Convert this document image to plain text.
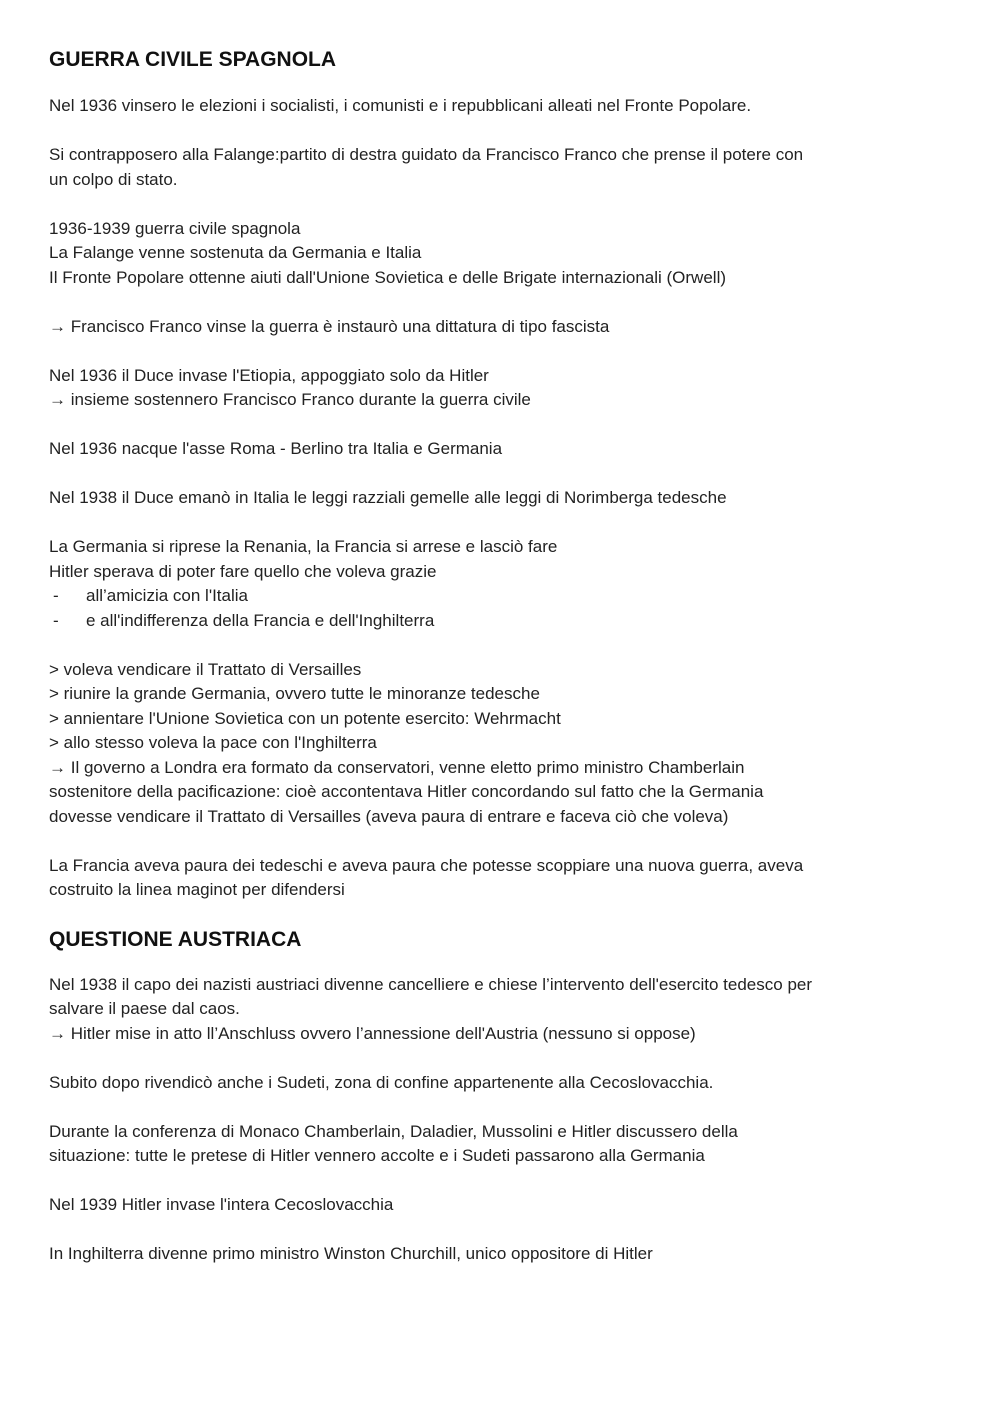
GUERRA CIVILE SPAGNOLA

Nel 1936 vinsero le elezioni i socialisti, i comunisti e i repubblicani alleati nel Fronte Popolare.

Si contrapposero alla Falange:partito di destra guidato da Francisco Franco che prense il potere con
un colpo di stato.
1936-1939 guerra civile spagnola
La Falange venne sostenuta da Germania e Italia
Il Fronte Popolare ottenne aiuti dall'Unione Sovietica e delle Brigate internazionali (Orwell)
→ Francisco Franco vinse la guerra è instaurò una dittatura di tipo fascista
Nel 1936 il Duce invase l'Etiopia, appoggiato solo da Hitler
→ insieme sostennero Francisco Franco durante la guerra civile
Nel 1936 nacque l'asse Roma - Berlino tra Italia e Germania
Nel 1938 il Duce emanò in Italia le leggi razziali gemelle alle leggi di Norimberga tedesche
La Germania si riprese la Renania, la Francia si arrese e lasciò fare
Hitler sperava di poter fare quello che voleva grazie
-	all’amicizia con l'Italia
-	e all'indifferenza della Francia e dell'Inghilterra
> voleva vendicare il Trattato di Versailles
> riunire la grande Germania, ovvero tutte le minoranze tedesche
> annientare l'Unione Sovietica con un potente esercito: Wehrmacht
> allo stesso voleva la pace con l'Inghilterra
→ Il governo a Londra era formato da conservatori, venne eletto primo ministro Chamberlain
sostenitore della pacificazione: cioè accontentava Hitler concordando sul fatto che la Germania
dovesse vendicare il Trattato di Versailles (aveva paura di entrare e faceva ciò che voleva)
La Francia aveva paura dei tedeschi e aveva paura che potesse scoppiare una nuova guerra, aveva
costruito la linea maginot per difendersi
QUESTIONE AUSTRIACA
Nel 1938 il capo dei nazisti austriaci divenne cancelliere e chiese l’intervento dell'esercito tedesco per
salvare il paese dal caos.
→ Hitler mise in atto ll’Anschluss ovvero l’annessione dell'Austria (nessuno si oppose)
Subito dopo rivendicò anche i Sudeti, zona di confine appartenente alla Cecoslovacchia.
Durante la conferenza di Monaco Chamberlain, Daladier, Mussolini e Hitler discussero della
situazione: tutte le pretese di Hitler vennero accolte e i Sudeti passarono alla Germania
Nel 1939 Hitler invase l'intera Cecoslovacchia
In Inghilterra divenne primo ministro Winston Churchill, unico oppositore di Hitler
